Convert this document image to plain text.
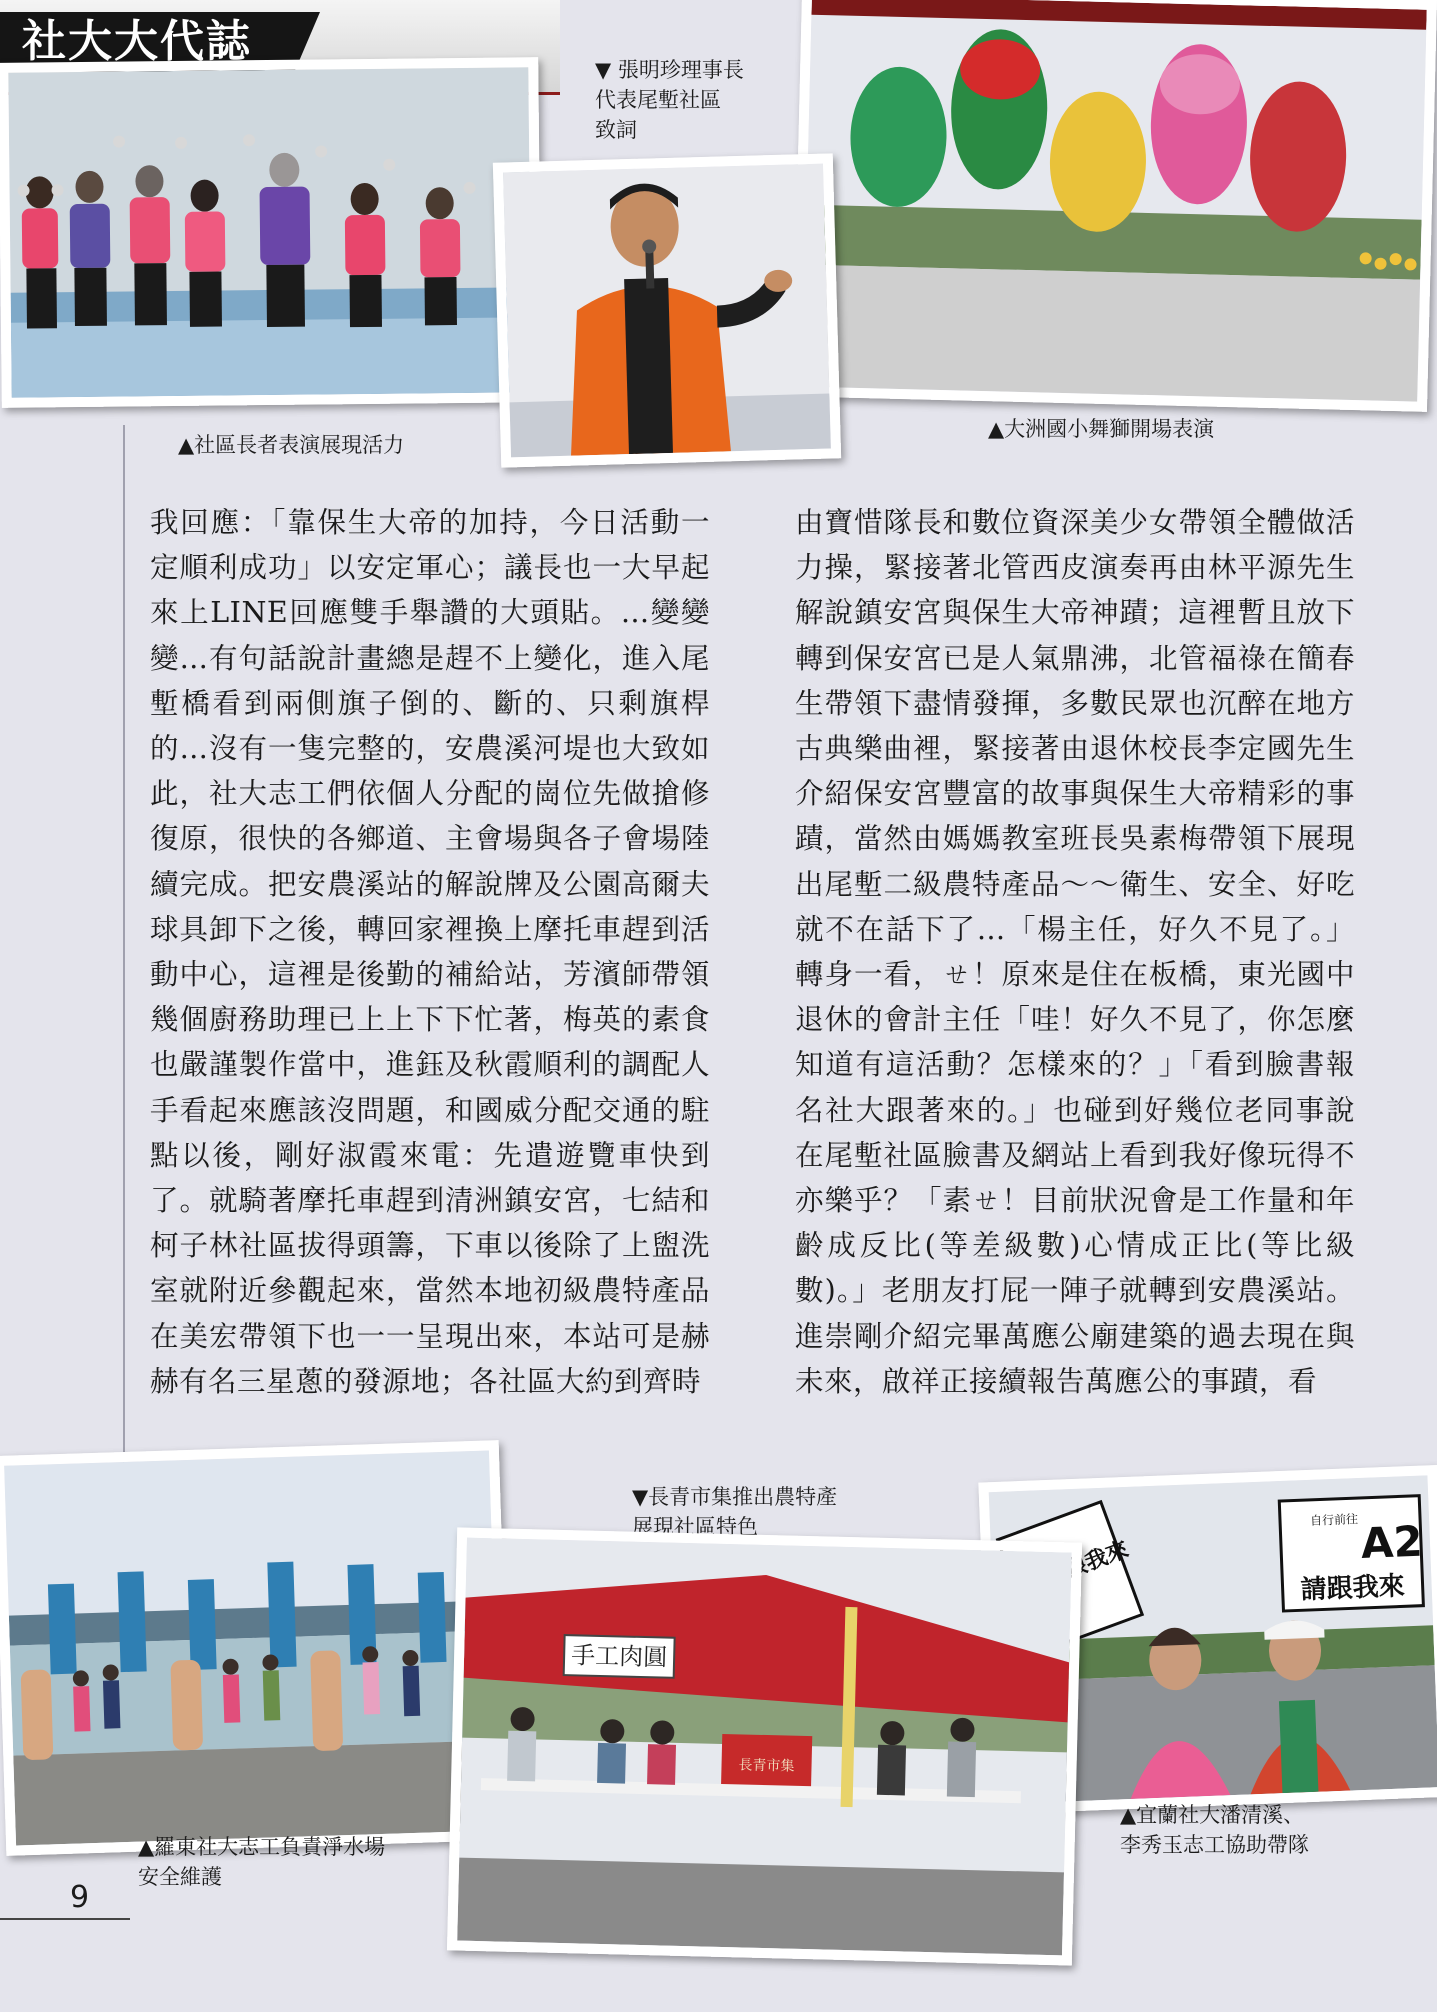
社大大代誌
▲社區長者表演展現活力
▼ 張明珍理事長
代表尾塹社區
致詞
▲大洲國小舞獅開場表演

我回應：「靠保生大帝的加持，今日活動一定順利成功」以安定軍心；議長也一大早起來上LINE回應雙手舉讚的大頭貼。…變變變…有句話說計畫總是趕不上變化，進入尾塹橋看到兩側旗子倒的、斷的、只剩旗桿的…沒有一隻完整的，安農溪河堤也大致如此，社大志工們依個人分配的崗位先做搶修復原，很快的各鄉道、主會場與各子會場陸續完成。把安農溪站的解說牌及公園高爾夫球具卸下之後，轉回家裡換上摩托車趕到活動中心，這裡是後勤的補給站，芳濱師帶領幾個廚務助理已上上下下忙著，梅英的素食也嚴謹製作當中，進鈺及秋霞順利的調配人手看起來應該沒問題，和國威分配交通的駐點以後，剛好淑霞來電：先遣遊覽車快到了。就騎著摩托車趕到清洲鎮安宮，七結和柯子林社區拔得頭籌，下車以後除了上盥洗室就附近參觀起來，當然本地初級農特產品在美宏帶領下也一一呈現出來，本站可是赫赫有名三星蔥的發源地；各社區大約到齊時

由寶惜隊長和數位資深美少女帶領全體做活力操，緊接著北管西皮演奏再由林平源先生解說鎮安宮與保生大帝神蹟；這裡暫且放下轉到保安宮已是人氣鼎沸，北管福祿在簡春生帶領下盡情發揮，多數民眾也沉醉在地方古典樂曲裡，緊接著由退休校長李定國先生介紹保安宮豐富的故事與保生大帝精彩的事蹟，當然由媽媽教室班長吳素梅帶領下展現出尾塹二級農特產品～～衛生、安全、好吃就不在話下了…「楊主任，好久不見了。」轉身一看，ㄝ！原來是住在板橋，東光國中退休的會計主任「哇！好久不見了，你怎麼知道有這活動？怎樣來的？」「看到臉書報名社大跟著來的。」也碰到好幾位老同事說在尾塹社區臉書及網站上看到我好像玩得不亦樂乎？「素ㄝ！目前狀況會是工作量和年齡成反比(等差級數)心情成正比(等比級數)。」老朋友打屁一陣子就轉到安農溪站。進崇剛介紹完畢萬應公廟建築的過去現在與未來，啟祥正接續報告萬應公的事蹟，看

▲羅東社大志工負責淨水場
安全維護
▼長青市集推出農特產
展現社區特色
手工肉圓
長青市集
請跟我來
自行前往 A2
請跟我來
▲宜蘭社大潘清溪、
李秀玉志工協助帶隊
9
